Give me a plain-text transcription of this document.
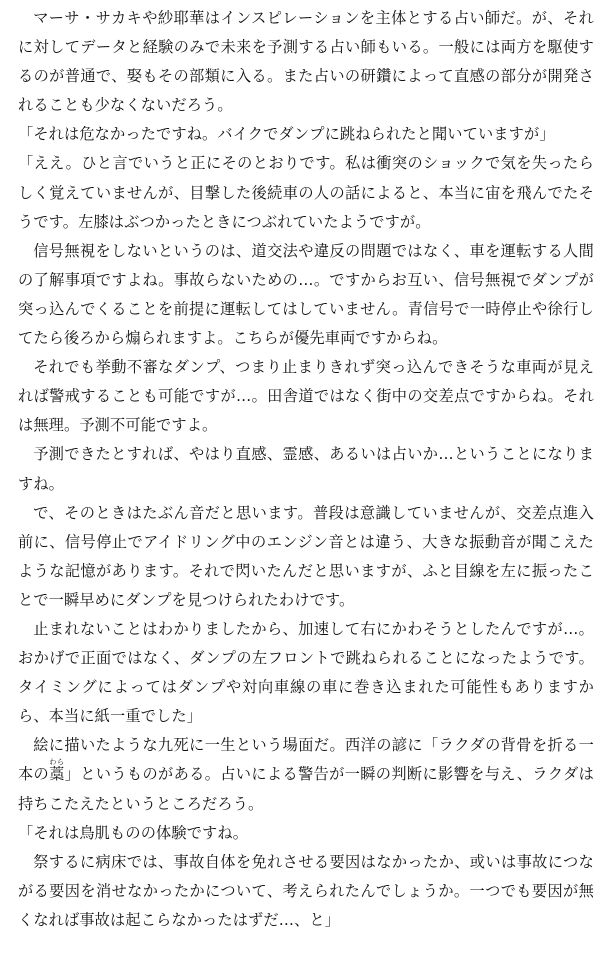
マーサ・サカキや紗耶華はインスピレーションを主体とする占い師だ。が、それに対してデータと経験のみで未来を予測する占い師もいる。一般には両方を駆使するのが普通で、娶もその部類に入る。また占いの研鑽によって直感の部分が開発されることも少なくないだろう。

「それは危なかったですね。バイクでダンプに跳ねられたと聞いていますが」

「ええ。ひと言でいうと正にそのとおりです。私は衝突のショックで気を失ったらしく覚えていませんが、目撃した後続車の人の話によると、本当に宙を飛んでたそうです。左膝はぶつかったときにつぶれていたようですが。

信号無視をしないというのは、道交法や違反の問題ではなく、車を運転する人間の了解事項ですよね。事故らないための…。ですからお互い、信号無視でダンプが突っ込んでくることを前提に運転してはしていません。青信号で一時停止や徐行してたら後ろから煽られますよ。こちらが優先車両ですからね。

それでも挙動不審なダンプ、つまり止まりきれず突っ込んできそうな車両が見えれば警戒することも可能ですが…。田舎道ではなく街中の交差点ですからね。それは無理。予測不可能ですよ。

予測できたとすれば、やはり直感、霊感、あるいは占いか…ということになりますね。

で、そのときはたぶん音だと思います。普段は意識していませんが、交差点進入前に、信号停止でアイドリング中のエンジン音とは違う、大きな振動音が聞こえたような記憶があります。それで閃いたんだと思いますが、ふと目線を左に振ったことで一瞬早めにダンプを見つけられたわけです。

止まれないことはわかりましたから、加速して右にかわそうとしたんですが…。おかげで正面ではなく、ダンプの左フロントで跳ねられることになったようです。タイミングによってはダンプや対向車線の車に巻き込まれた可能性もありますから、本当に紙一重でした」

絵に描いたような九死に一生という場面だ。西洋の諺に「ラクダの背骨を折る一本の藁わら」というものがある。占いによる警告が一瞬の判断に影響を与え、ラクダは持ちこたえたというところだろう。

「それは鳥肌ものの体験ですね。

祭するに病床では、事故自体を免れさせる要因はなかったか、或いは事故につながる要因を消せなかったかについて、考えられたんでしょうか。一つでも要因が無くなれば事故は起こらなかったはずだ…、と」
